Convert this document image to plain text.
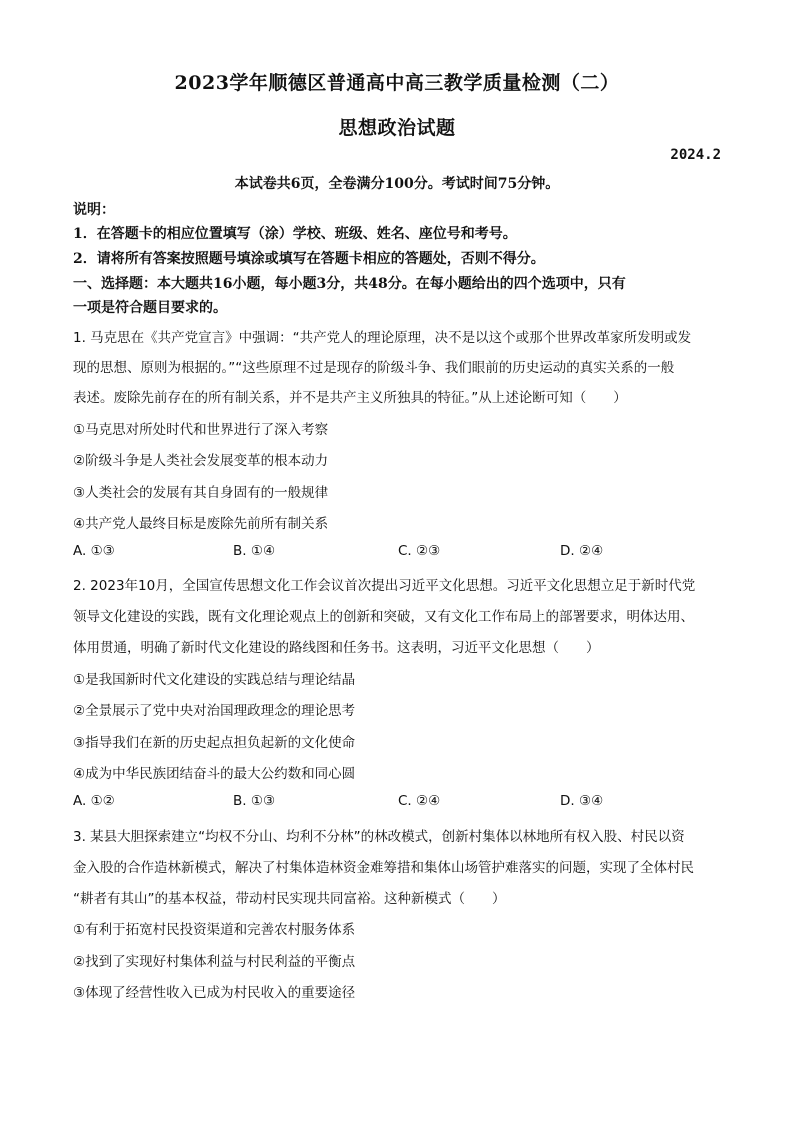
2023学年顺德区普通高中高三教学质量检测（二）
思想政治试题
2024.2
本试卷共6页，全卷满分100分。考试时间75分钟。
说明：
1．在答题卡的相应位置填写（涂）学校、班级、姓名、座位号和考号。
2．请将所有答案按照题号填涂或填写在答题卡相应的答题处，否则不得分。
一、选择题：本大题共16小题，每小题3分，共48分。在每小题给出的四个选项中，只有
一项是符合题目要求的。
1. 马克思在《共产党宣言》中强调：“共产党人的理论原理，决不是以这个或那个世界改革家所发明或发
现的思想、原则为根据的。”“这些原理不过是现存的阶级斗争、我们眼前的历史运动的真实关系的一般
表述。废除先前存在的所有制关系，并不是共产主义所独具的特征。”从上述论断可知（　　）
①马克思对所处时代和世界进行了深入考察
②阶级斗争是人类社会发展变革的根本动力
③人类社会的发展有其自身固有的一般规律
④共产党人最终目标是废除先前所有制关系
A. ①③	B. ①④	C. ②③	D. ②④
2. 2023年10月，全国宣传思想文化工作会议首次提出习近平文化思想。习近平文化思想立足于新时代党
领导文化建设的实践，既有文化理论观点上的创新和突破，又有文化工作布局上的部署要求，明体达用、
体用贯通，明确了新时代文化建设的路线图和任务书。这表明，习近平文化思想（　　）
①是我国新时代文化建设的实践总结与理论结晶
②全景展示了党中央对治国理政理念的理论思考
③指导我们在新的历史起点担负起新的文化使命
④成为中华民族团结奋斗的最大公约数和同心圆
A. ①②	B. ①③	C. ②④	D. ③④
3. 某县大胆探索建立“均权不分山、均利不分林”的林改模式，创新村集体以林地所有权入股、村民以资
金入股的合作造林新模式，解决了村集体造林资金难筹措和集体山场管护难落实的问题，实现了全体村民
“耕者有其山”的基本权益，带动村民实现共同富裕。这种新模式（　　）
①有利于拓宽村民投资渠道和完善农村服务体系
②找到了实现好村集体利益与村民利益的平衡点
③体现了经营性收入已成为村民收入的重要途径
